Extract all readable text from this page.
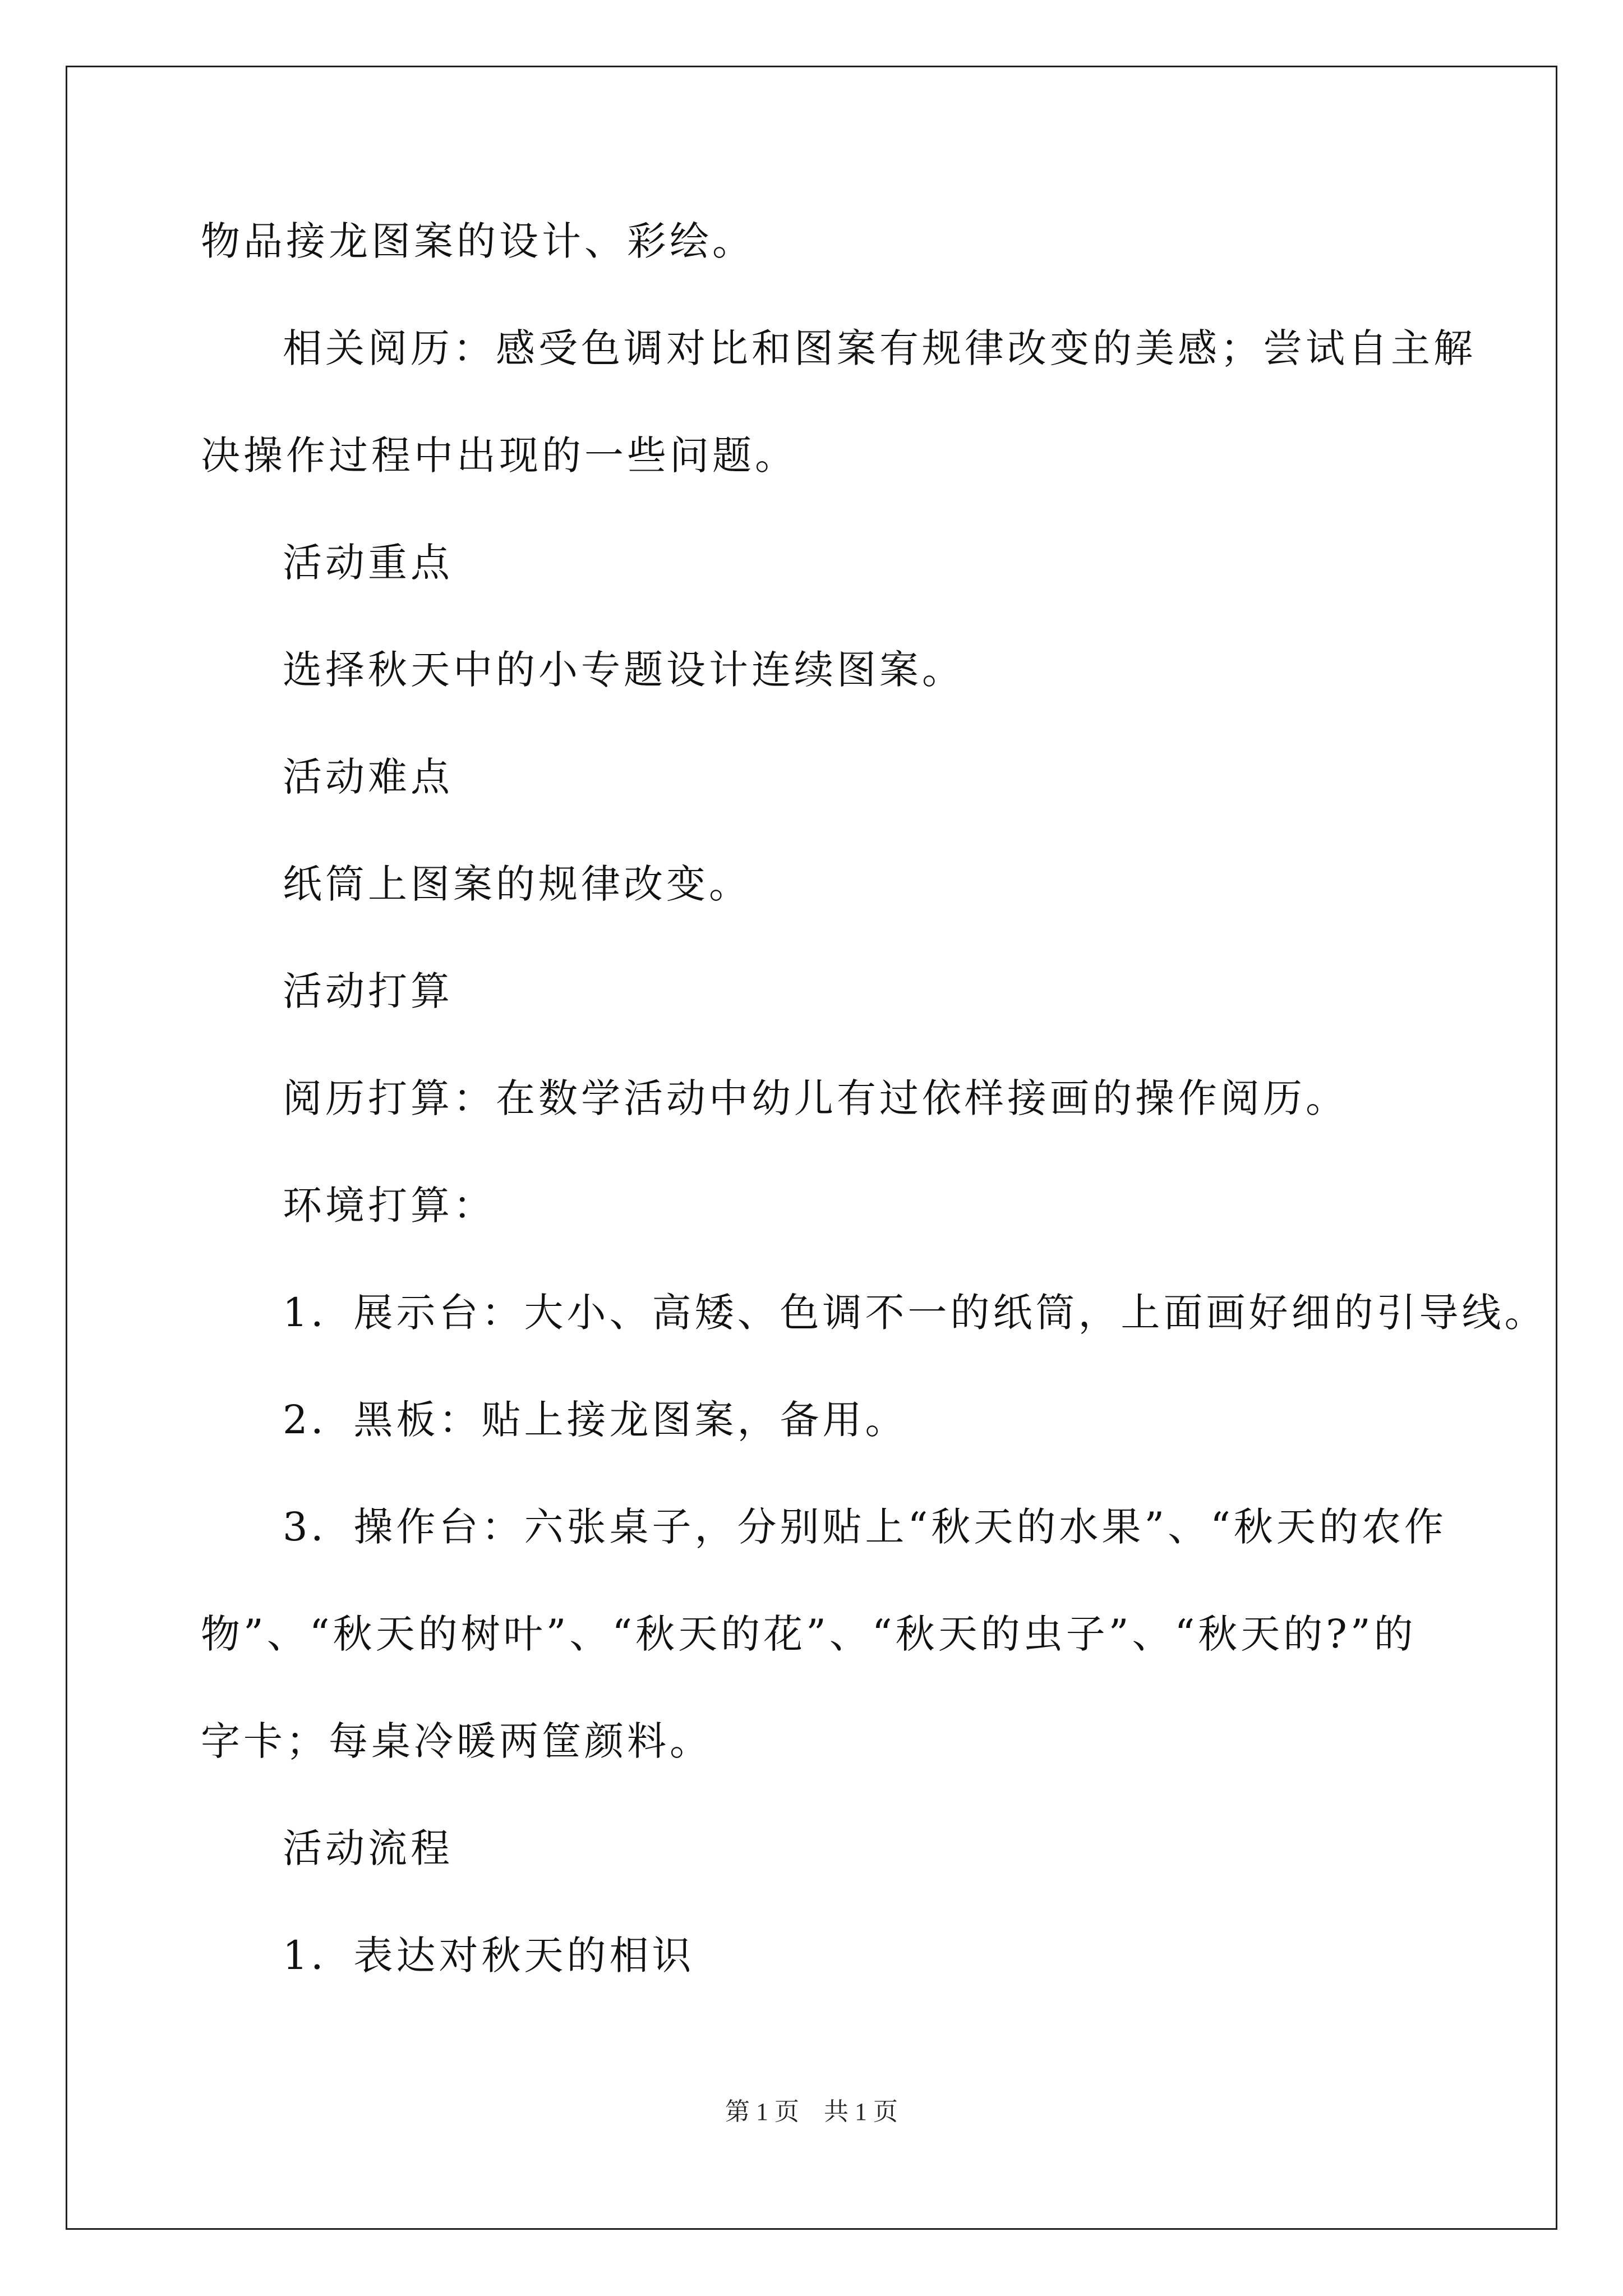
物品接龙图案的设计、彩绘。
相关阅历：感受色调对比和图案有规律改变的美感；尝试自主解
决操作过程中出现的一些问题。
活动重点
选择秋天中的小专题设计连续图案。
活动难点
纸筒上图案的规律改变。
活动打算
阅历打算：在数学活动中幼儿有过依样接画的操作阅历。
环境打算：
1．展示台：大小、高矮、色调不一的纸筒，上面画好细的引导线。
2．黑板：贴上接龙图案，备用。
3．操作台：六张桌子，分别贴上“秋天的水果”、“秋天的农作
物”、“秋天的树叶”、“秋天的花”、“秋天的虫子”、“秋天的?”的
字卡；每桌冷暖两筐颜料。
活动流程
1．表达对秋天的相识
第 1 页　共 1 页
